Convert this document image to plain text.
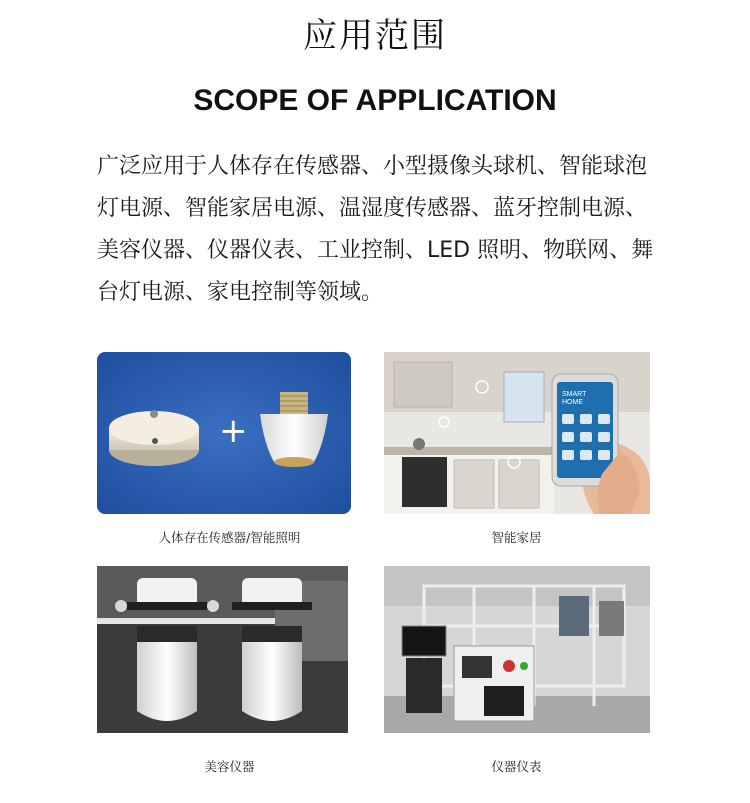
应用范围
SCOPE OF APPLICATION
广泛应用于人体存在传感器、小型摄像头球机、智能球泡灯电源、智能家居电源、温湿度传感器、蓝牙控制电源、美容仪器、仪器仪表、工业控制、LED 照明、物联网、舞台灯电源、家电控制等领域。
+
人体存在传感器/智能照明
SMART
HOME
智能家居
美容仪器	仪器仪表
